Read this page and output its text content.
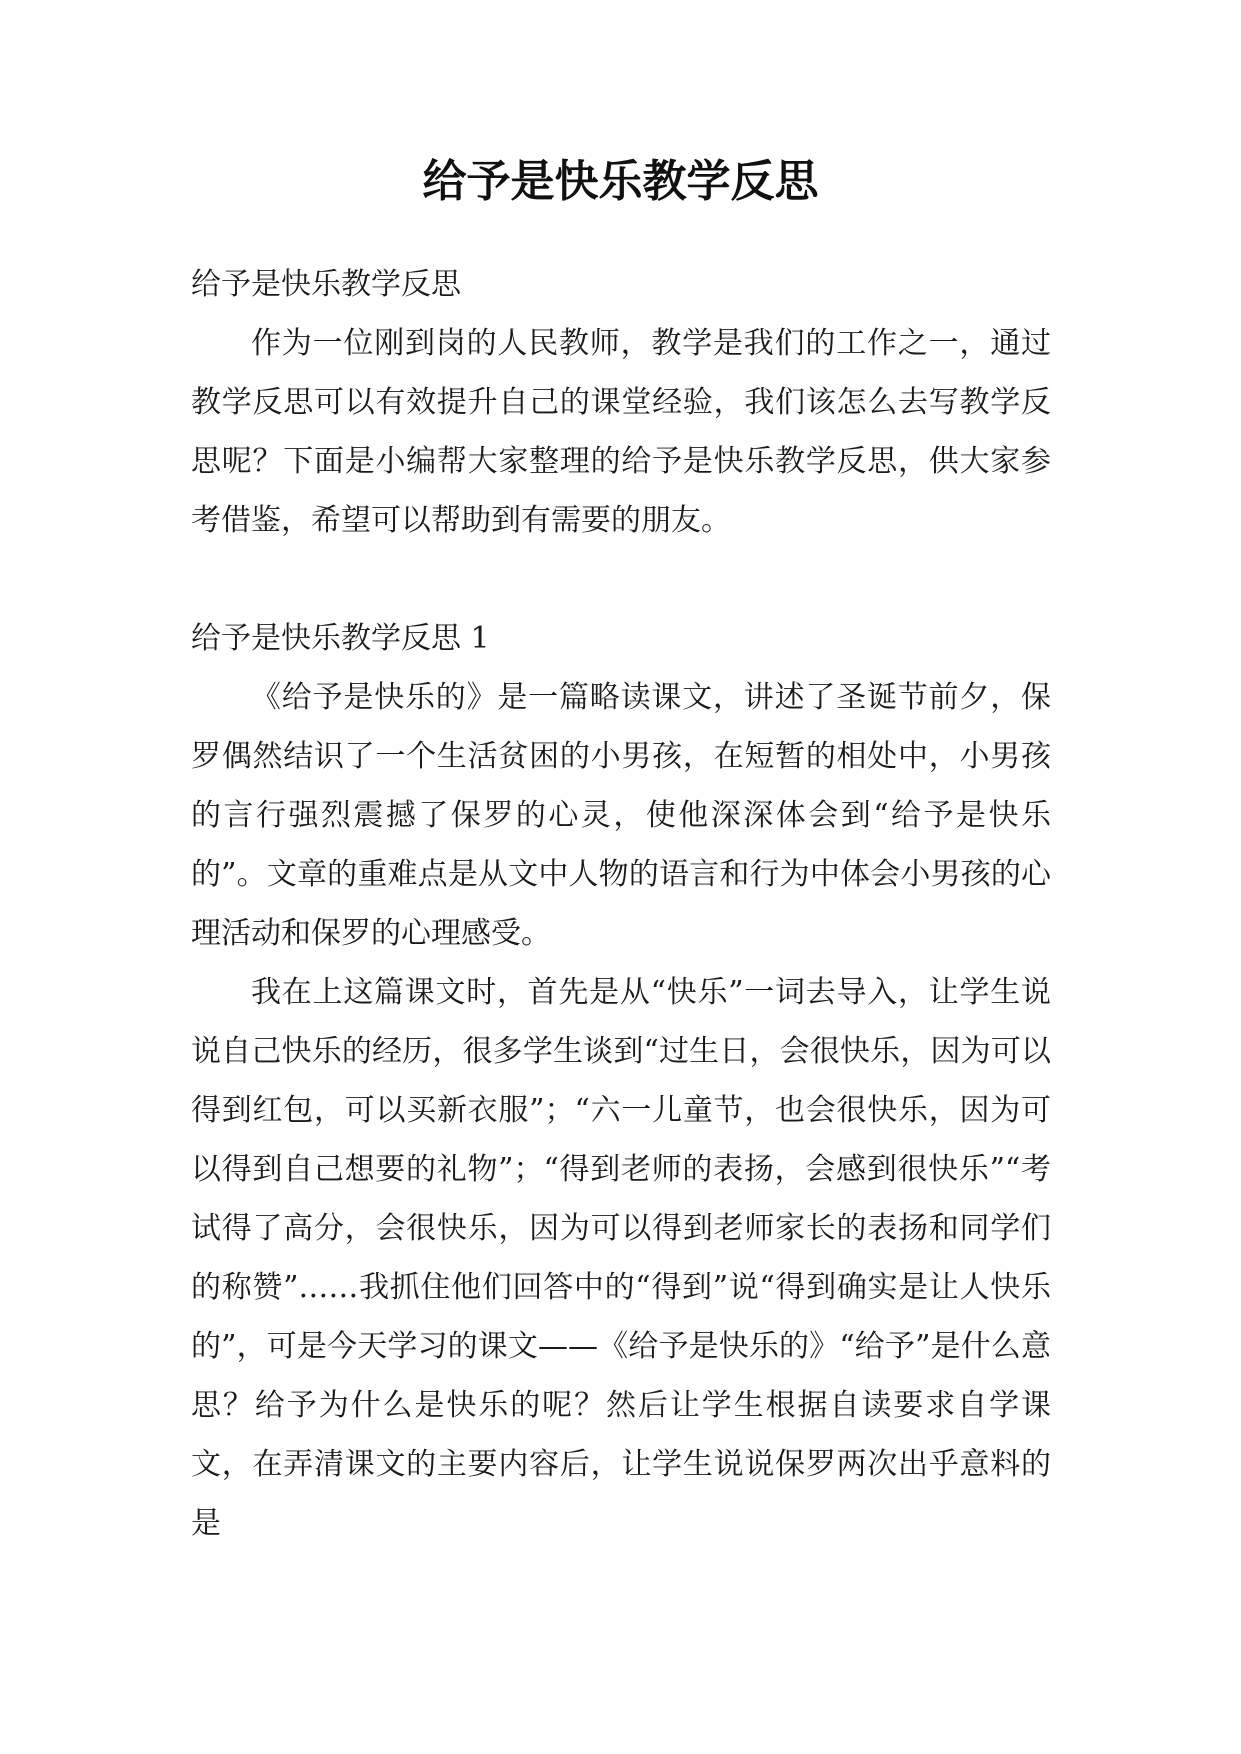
给予是快乐教学反思

给予是快乐教学反思

作为一位刚到岗的人民教师，教学是我们的工作之一，通过教学反思可以有效提升自己的课堂经验，我们该怎么去写教学反思呢？下面是小编帮大家整理的给予是快乐教学反思，供大家参考借鉴，希望可以帮助到有需要的朋友。

给予是快乐教学反思 1

《给予是快乐的》是一篇略读课文，讲述了圣诞节前夕，保罗偶然结识了一个生活贫困的小男孩，在短暂的相处中，小男孩的言行强烈震撼了保罗的心灵，使他深深体会到“给予是快乐的”。文章的重难点是从文中人物的语言和行为中体会小男孩的心理活动和保罗的心理感受。

我在上这篇课文时，首先是从“快乐”一词去导入，让学生说说自己快乐的经历，很多学生谈到“过生日，会很快乐，因为可以得到红包，可以买新衣服”；“六一儿童节，也会很快乐，因为可以得到自己想要的礼物”；“得到老师的表扬，会感到很快乐”“考试得了高分，会很快乐，因为可以得到老师家长的表扬和同学们的称赞”……我抓住他们回答中的“得到”说“得到确实是让人快乐的”，可是今天学习的课文——《给予是快乐的》“给予”是什么意思？给予为什么是快乐的呢？然后让学生根据自读要求自学课文，在弄清课文的主要内容后，让学生说说保罗两次出乎意料的是
